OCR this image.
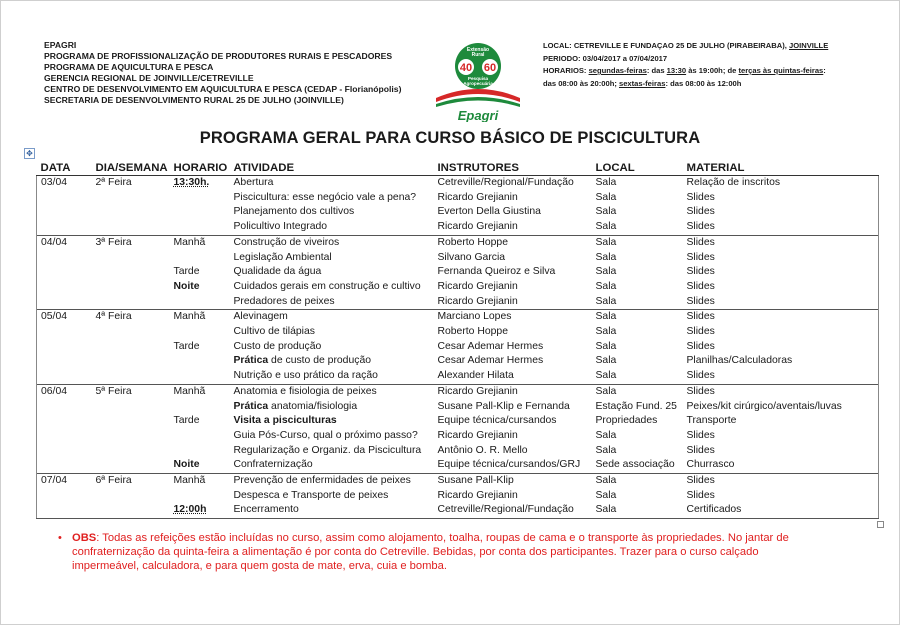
EPAGRI
PROGRAMA DE PROFISSIONALIZAÇÃO DE PRODUTORES RURAIS E PESCADORES
PROGRAMA DE AQUICULTURA E PESCA
GERENCIA REGIONAL DE JOINVILLE/CETREVILLE
CENTRO DE DESENVOLVIMENTO EM AQUICULTURA E PESCA (CEDAP - Florianópolis)
SECRETARIA DE DESENVOLVIMENTO RURAL 25 DE JULHO (JOINVILLE)
Extensão
Rural
40 60
Pesquisa
Agropecuária
Epagri
LOCAL: CETREVILLE E FUNDAÇAO 25 DE JULHO (PIRABEIRABA), JOINVILLE
PERIODO: 03/04/2017 a 07/04/2017
HORARIOS: segundas-feiras: das 13:30 às 19:00h; de terças às quintas-feiras:
das 08:00 às 20:00h; sextas-feiras: das 08:00 às 12:00h
PROGRAMA GERAL PARA CURSO BÁSICO DE PISCICULTURA
✥
DATA	DIA/SEMANA	HORARIO	ATIVIDADE	INSTRUTORES	LOCAL	MATERIAL
03/04	2ª Feira	13:30h.	Abertura	Cetreville/Regional/Fundação	Sala	Relação de inscritos
			Piscicultura: esse negócio vale a pena?	Ricardo Grejianin	Sala	Slides
			Planejamento dos cultivos	Everton Della Giustina	Sala	Slides
			Policultivo Integrado	Ricardo Grejianin	Sala	Slides
04/04	3ª Feira	Manhã	Construção de viveiros	Roberto Hoppe	Sala	Slides
			Legislação Ambiental	Silvano Garcia	Sala	Slides
		Tarde	Qualidade da água	Fernanda Queiroz e Silva	Sala	Slides
		Noite	Cuidados gerais em construção e cultivo	Ricardo Grejianin	Sala	Slides
			Predadores de peixes	Ricardo Grejianin	Sala	Slides
05/04	4ª Feira	Manhã	Alevinagem	Marciano Lopes	Sala	Slides
			Cultivo de tilápias	Roberto Hoppe	Sala	Slides
		Tarde	Custo de produção	Cesar Ademar Hermes	Sala	Slides
			Prática de custo de produção	Cesar Ademar Hermes	Sala	Planilhas/Calculadoras
			Nutrição e uso prático da ração	Alexander Hilata	Sala	Slides
06/04	5ª Feira	Manhã	Anatomia e fisiologia de peixes	Ricardo Grejianin	Sala	Slides
			Prática anatomia/fisiologia	Susane Pall-Klip e Fernanda	Estação Fund. 25	Peixes/kit cirúrgico/aventais/luvas
		Tarde	Visita a pisciculturas	Equipe técnica/cursandos	Propriedades	Transporte
			Guia Pós-Curso, qual o próximo passo?	Ricardo Grejianin	Sala	Slides
			Regularização e Organiz. da Piscicultura	Antônio O. R. Mello	Sala	Slides
		Noite	Confraternização	Equipe técnica/cursandos/GRJ	Sede associação	Churrasco
07/04	6ª Feira	Manhã	Prevenção de enfermidades de peixes	Susane Pall-Klip	Sala	Slides
			Despesca e Transporte de peixes	Ricardo Grejianin	Sala	Slides
		12:00h	Encerramento	Cetreville/Regional/Fundação	Sala	Certificados
• OBS: Todas as refeições estão incluídas no curso, assim como alojamento, toalha, roupas de cama e o transporte às propriedades. No jantar de confraternização da quinta-feira a alimentação é por conta do Cetreville. Bebidas, por conta dos participantes. Trazer para o curso calçado impermeável, calculadora, e para quem gosta de mate, erva, cuia e bomba.
